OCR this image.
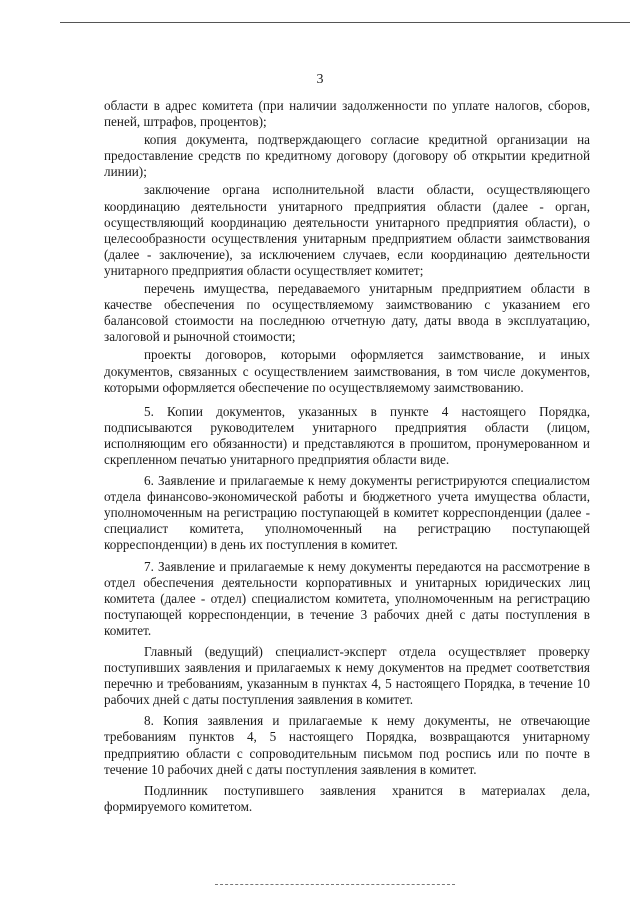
3

области в адрес комитета (при наличии задолженности по уплате налогов, сборов, пеней, штрафов, процентов);

копия документа, подтверждающего согласие кредитной организации на предоставление средств по кредитному договору (договору об открытии кредитной линии);

заключение органа исполнительной власти области, осуществляющего координацию деятельности унитарного предприятия области (далее - орган, осуществляющий координацию деятельности унитарного предприятия области), о целесообразности осуществления унитарным предприятием области заимствования (далее - заключение), за исключением случаев, если координацию деятельности унитарного предприятия области осуществляет комитет;

перечень имущества, передаваемого унитарным предприятием области в качестве обеспечения по осуществляемому заимствованию с указанием его балансовой стоимости на последнюю отчетную дату, даты ввода в эксплуатацию, залоговой и рыночной стоимости;

проекты договоров, которыми оформляется заимствование, и иных документов, связанных с осуществлением заимствования, в том числе документов, которыми оформляется обеспечение по осуществляемому заимствованию.

5. Копии документов, указанных в пункте 4 настоящего Порядка, подписываются руководителем унитарного предприятия области (лицом, исполняющим его обязанности) и представляются в прошитом, пронумерованном и скрепленном печатью унитарного предприятия области виде.

6. Заявление и прилагаемые к нему документы регистрируются специалистом отдела финансово-экономической работы и бюджетного учета имущества области, уполномоченным на регистрацию поступающей в комитет корреспонденции (далее - специалист комитета, уполномоченный на регистрацию поступающей корреспонденции) в день их поступления в комитет.

7. Заявление и прилагаемые к нему документы передаются на рассмотрение в отдел обеспечения деятельности корпоративных и унитарных юридических лиц комитета (далее - отдел) специалистом комитета, уполномоченным на регистрацию поступающей корреспонденции, в течение 3 рабочих дней с даты поступления в комитет.

Главный (ведущий) специалист-эксперт отдела осуществляет проверку поступивших заявления и прилагаемых к нему документов на предмет соответствия перечню и требованиям, указанным в пунктах 4, 5 настоящего Порядка, в течение 10 рабочих дней с даты поступления заявления в комитет.

8. Копия заявления и прилагаемые к нему документы, не отвечающие требованиям пунктов 4, 5 настоящего Порядка, возвращаются унитарному предприятию области с сопроводительным письмом под роспись или по почте в течение 10 рабочих дней с даты поступления заявления в комитет.

Подлинник поступившего заявления хранится в материалах дела, формируемого комитетом.
